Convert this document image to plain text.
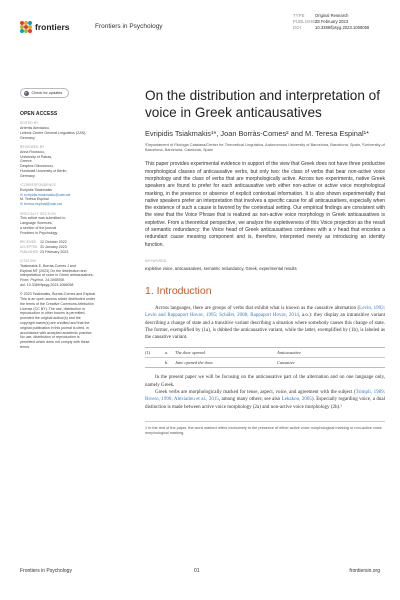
frontiers	Frontiers in Psychology
TYPE Original Research
PUBLISHED23 February 2023
DOI	10.3389/fpsyg.2023.1068058
⟳	Check for updates
OPEN ACCESS
EDITED BY
Artemis Alexiadou,
Leibniz-Centre General Linguistics (ZAS),
Germany
REVIEWED BY
Anna Roussou,
University of Patras,
Greece
Despina Oikonomou,
Humboldt University of Berlin,
Germany
*CORRESPONDENCE
Evripidis Tsiakmakis
✉ evripidis.tsiakmakis@uab.cat
M. Teresa Espinal
✉ teresa.espinal@uab.cat
SPECIALTY SECTION
This article was submitted to
Language Sciences,
a section of the journal
Frontiers in Psychology
RECEIVED 12 October 2022
ACCEPTED 31 January 2023
PUBLISHED 23 February 2023
CITATION
Tsiakmakis E, Borràs-Comes J and
Espinal MT (2023) On the distribution and
interpretation of voice in Greek anticausatives.
Front. Psychol. 14:1068058.
doi: 10.3389/fpsyg.2023.1068058
© 2023 Tsiakmakis, Borràs-Comes and Espinal.
This is an open-access article distributed under
the terms of the Creative Commons Attribution
License (CC BY). The use, distribution or
reproduction in other forums is permitted,
provided the original author(s) and the
copyright owner(s) are credited and that the
original publication in this journal is cited, in
accordance with accepted academic practice.
No use, distribution or reproduction is
permitted which does not comply with these
terms.
On the distribution and interpretation of voice in Greek anticausatives
Evripidis Tsiakmakis¹*, Joan Borràs-Comes² and M. Teresa Espinal¹*
¹Departament of Filologia Catalana/Center for Theoretical Linguistics, Autonomous University of Barcelona, Barcelona, Spain, ²University of Barcelona, Barcelona, Catalonia, Spain
This paper provides experimental evidence in support of the view that Greek does not have three productive morphological classes of anticausative verbs, but only two: the class of verbs that bear non-active voice morphology and the class of verbs that are morphologically active. Across two experiments, native Greek speakers are found to prefer for each anticausative verb either non-active or active voice morphological marking, in the presence or absence of explicit contextual information. It is also shown experimentally that native speakers prefer an interpretation that involves a specific cause for all anticausatives, especially when the existence of such a cause is favored by the contextual setting. Our empirical findings are consistent with the view that the Voice Phrase that is realized as non-active voice morphology in Greek anticausatives is expletive. From a theoretical perspective, we analyze the expletiveness of this Voice projection as the result of semantic redundancy: the Voice head of Greek anticausatives combines with a v head that encodes a redundant cause meaning component and is, therefore, interpreted merely as introducing an identity function.
KEYWORDS
expletive voice, anticausatives, semantic redundancy, Greek, experimental results
1. Introduction

Across languages, there are groups of verbs that exhibit what is known as the causative alternation (Levin, 1993; Levin and Rappaport Hovav, 1995; Schäfer, 2008; Rappaport Hovav, 2014, a.o.): they display an intransitive variant describing a change of state and a transitive variant describing a situation where somebody causes this change of state. The former, exemplified by (1a), is dubbed the anticausative variant, while the latter, exemplified by (1b), is labeled as the causative variant.

(1)	a.	The door opened.	Anticausative
b.	Jane opened the door.	Causative

In the present paper we will be focusing on the anticausative part of the alternation and on one language only, namely Greek.

Greek verbs are morphologically marked for tense, aspect, voice, and agreement with the subject (Tsimpli, 1989; Rivero, 1990; Alexiadou et al., 2015, among many others; see also Lekakou, 2005). Especially regarding voice, a dual distinction is made between active voice morphology (2a) and non-active voice morphology (2b).¹

1 In the rest of the paper, the word marked refers exclusively to the presence of either active voice morphological marking or non-active voice morphological marking.
Frontiers in Psychology	01	frontiersin.org
